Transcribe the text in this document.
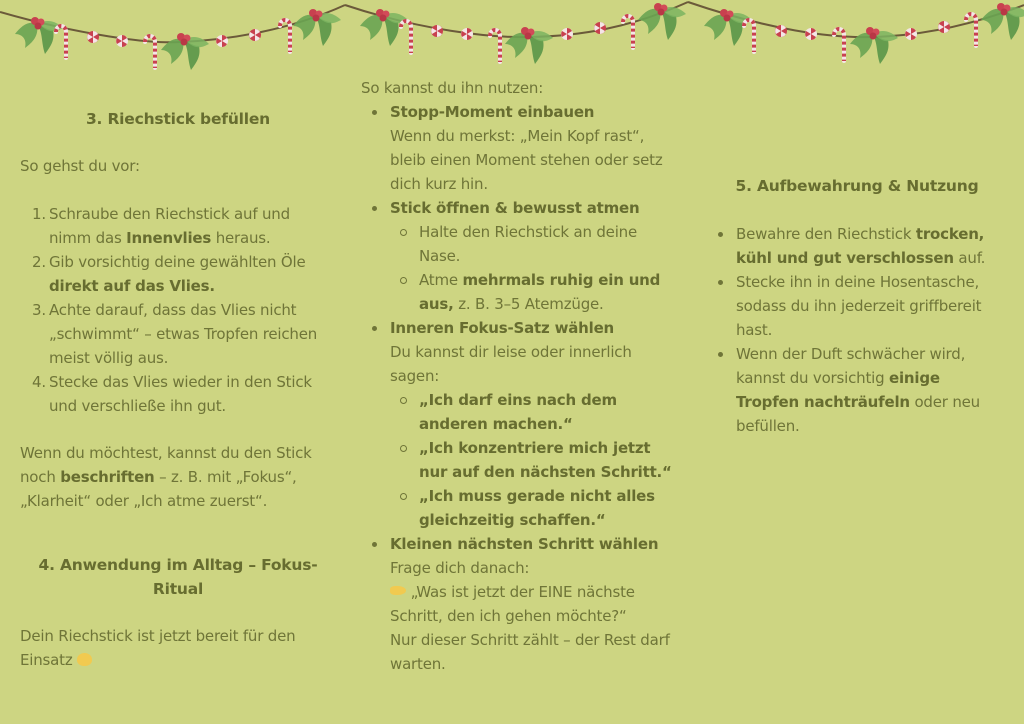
3. Riechstick befüllen

So gehst du vor:

1. Schraube den Riechstick auf und nimm das Innenvlies heraus.
2. Gib vorsichtig deine gewählten Öle direkt auf das Vlies.
3. Achte darauf, dass das Vlies nicht „schwimmt“ – etwas Tropfen reichen meist völlig aus.
4. Stecke das Vlies wieder in den Stick und verschließe ihn gut.

Wenn du möchtest, kannst du den Stick noch beschriften – z. B. mit „Fokus“, „Klarheit“ oder „Ich atme zuerst“.

4. Anwendung im Alltag – Fokus-Ritual

Dein Riechstick ist jetzt bereit für den Einsatz

So kannst du ihn nutzen:

Stopp-Moment einbauen
Wenn du merkst: „Mein Kopf rast“, bleib einen Moment stehen oder setz dich kurz hin.
Stick öffnen & bewusst atmen
Halte den Riechstick an deine Nase.
Atme mehrmals ruhig ein und aus, z. B. 3–5 Atemzüge.
Inneren Fokus-Satz wählen
Du kannst dir leise oder innerlich sagen:
„Ich darf eins nach dem anderen machen.“
„Ich konzentriere mich jetzt nur auf den nächsten Schritt.“
„Ich muss gerade nicht alles gleichzeitig schaffen.“
Kleinen nächsten Schritt wählen
Frage dich danach:
„Was ist jetzt der EINE nächste Schritt, den ich gehen möchte?“
Nur dieser Schritt zählt – der Rest darf warten.
5. Aufbewahrung & Nutzung
Bewahre den Riechstick trocken, kühl und gut verschlossen auf.
Stecke ihn in deine Hosentasche, sodass du ihn jederzeit griffbereit hast.
Wenn der Duft schwächer wird, kannst du vorsichtig einige Tropfen nachträufeln oder neu befüllen.
